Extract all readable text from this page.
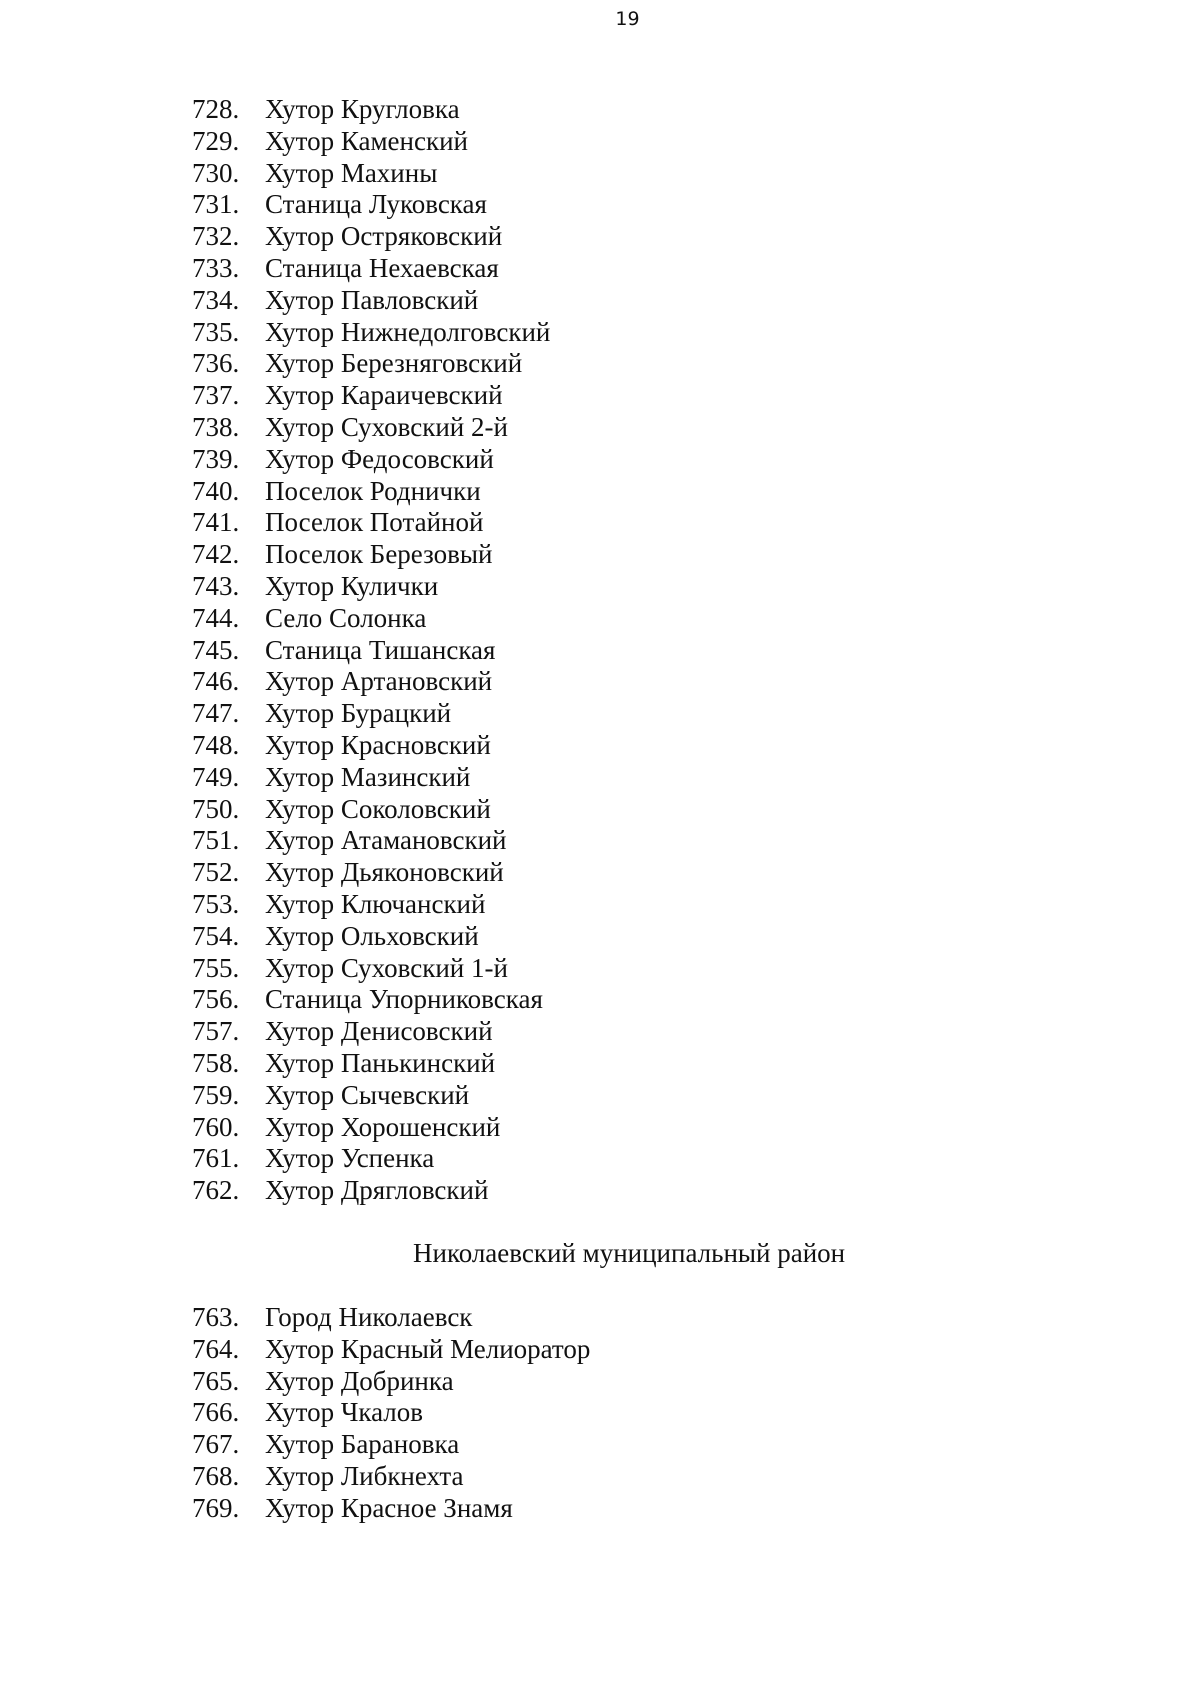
19
728. Хутор Кругловка
729. Хутор Каменский
730. Хутор Махины
731. Станица Луковская
732. Хутор Остряковский
733. Станица Нехаевская
734. Хутор Павловский
735. Хутор Нижнедолговский
736. Хутор Березняговский
737. Хутор Караичевский
738. Хутор Суховский 2-й
739. Хутор Федосовский
740. Поселок Роднички
741. Поселок Потайной
742. Поселок Березовый
743. Хутор Кулички
744. Село Солонка
745. Станица Тишанская
746. Хутор Артановский
747. Хутор Бурацкий
748. Хутор Красновский
749. Хутор Мазинский
750. Хутор Соколовский
751. Хутор Атамановский
752. Хутор Дьяконовский
753. Хутор Ключанский
754. Хутор Ольховский
755. Хутор Суховский 1-й
756. Станица Упорниковская
757. Хутор Денисовский
758. Хутор Панькинский
759. Хутор Сычевский
760. Хутор Хорошенский
761. Хутор Успенка
762. Хутор Дрягловский
Николаевский муниципальный район
763. Город Николаевск
764. Хутор Красный Мелиоратор
765. Хутор Добринка
766. Хутор Чкалов
767. Хутор Барановка
768. Хутор Либкнехта
769. Хутор Красное Знамя
